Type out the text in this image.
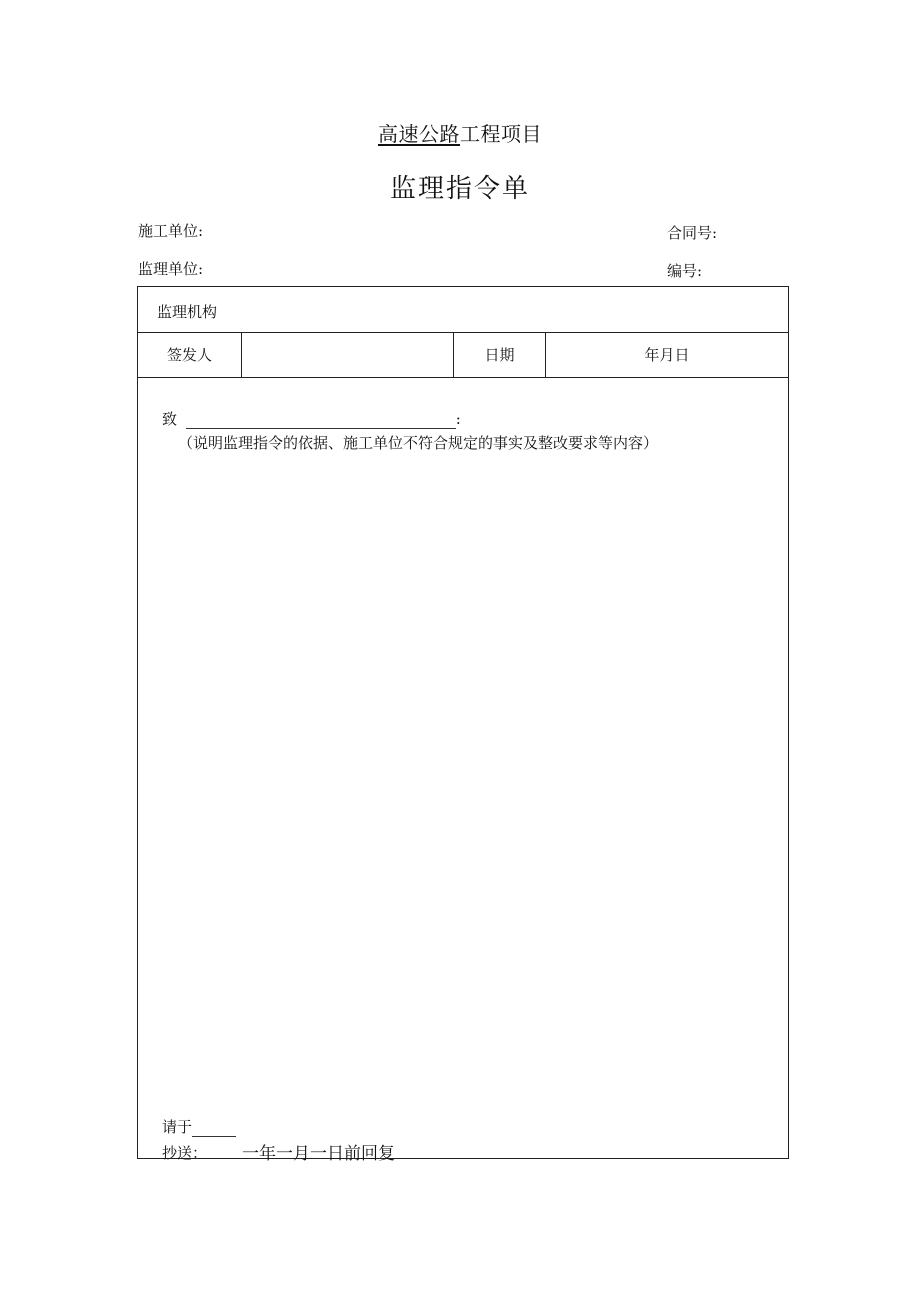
高速公路工程项目
监理指令单
施工单位:	合同号:
监理单位:	编号:
监理机构
签发人	日期	年月日
致	:
（说明监理指令的依据、施工单位不符合规定的事实及整改要求等内容）
请于
抄送： 一年一月一日前回复
